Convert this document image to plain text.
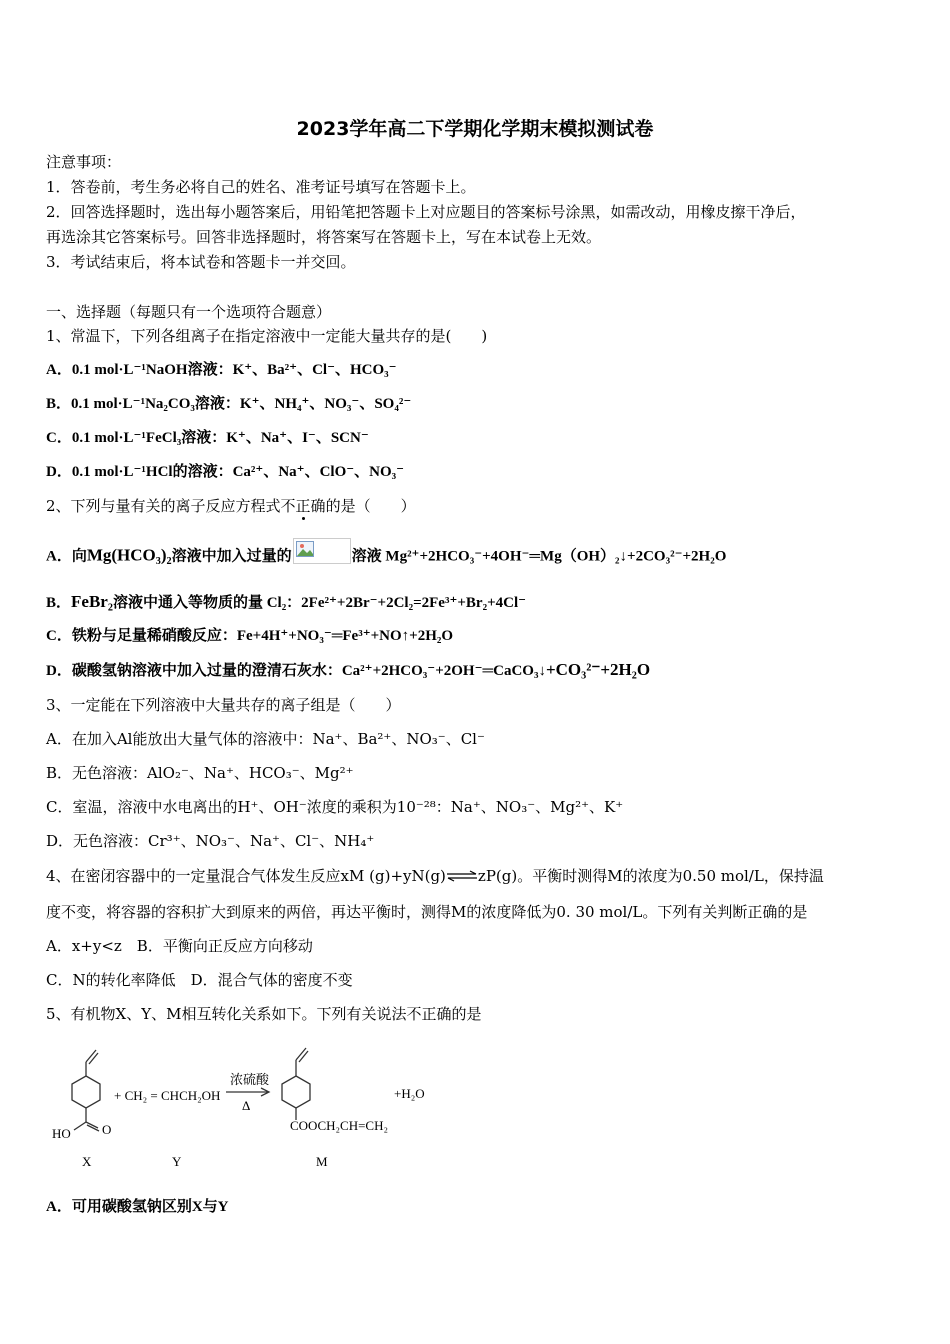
2023学年高二下学期化学期末模拟测试卷
注意事项：
1．答卷前，考生务必将自己的姓名、准考证号填写在答题卡上。
2．回答选择题时，选出每小题答案后，用铅笔把答题卡上对应题目的答案标号涂黑，如需改动，用橡皮擦干净后，
再选涂其它答案标号。回答非选择题时，将答案写在答题卡上，写在本试卷上无效。
3．考试结束后，将本试卷和答题卡一并交回。
一、选择题（每题只有一个选项符合题意）
1、常温下，下列各组离子在指定溶液中一定能大量共存的是(　　)
A．0.1 mol·L⁻¹NaOH溶液：K⁺、Ba²⁺、Cl⁻、HCO₃⁻
B．0.1 mol·L⁻¹Na₂CO₃溶液：K⁺、NH₄⁺、NO₃⁻、SO₄²⁻
C．0.1 mol·L⁻¹FeCl₃溶液：K⁺、Na⁺、I⁻、SCN⁻
D．0.1 mol·L⁻¹HCl的溶液：Ca²⁺、Na⁺、ClO⁻、NO₃⁻
2、下列与量有关的离子反应方程式不正确的是（　　）
A．向Mg(HCO₃)₂溶液中加入过量的	溶液 Mg²⁺+2HCO₃⁻+4OH⁻═Mg（OH）₂↓+2CO₃²⁻+2H₂O
B．FeBr₂溶液中通入等物质的量 Cl₂：2Fe²⁺+2Br⁻+2Cl₂=2Fe³⁺+Br₂+4Cl⁻
C．铁粉与足量稀硝酸反应：Fe+4H⁺+NO₃⁻═Fe³⁺+NO↑+2H₂O
D．碳酸氢钠溶液中加入过量的澄清石灰水：Ca²⁺+2HCO₃⁻+2OH⁻═CaCO₃↓+CO₃²⁻+2H₂O
3、一定能在下列溶液中大量共存的离子组是（　　）
A．在加入Al能放出大量气体的溶液中：Na⁺、Ba²⁺、NO₃⁻、Cl⁻
B．无色溶液：AlO₂⁻、Na⁺、HCO₃⁻、Mg²⁺
C．室温，溶液中水电离出的H⁺、OH⁻浓度的乘积为10⁻²⁸：Na⁺、NO₃⁻、Mg²⁺、K⁺
D．无色溶液：Cr³⁺、NO₃⁻、Na⁺、Cl⁻、NH₄⁺
4、在密闭容器中的一定量混合气体发生反应xM (g)+yN(g)⇌zP(g)。平衡时测得M的浓度为0.50 mol/L，保持温
度不变，将容器的容积扩大到原来的两倍，再达平衡时，测得M的浓度降低为0. 30 mol/L。下列有关判断正确的是
A．x+y<z　B．平衡向正反应方向移动
C．N的转化率降低　D．混合气体的密度不变
5、有机物X、Y、M相互转化关系如下。下列有关说法不正确的是
HO O
+ CH₂ = CHCH₂OH
浓硫酸
Δ
COOCH₂CH=CH₂
+H₂O
X	Y	M
A．可用碳酸氢钠区别X与Y
